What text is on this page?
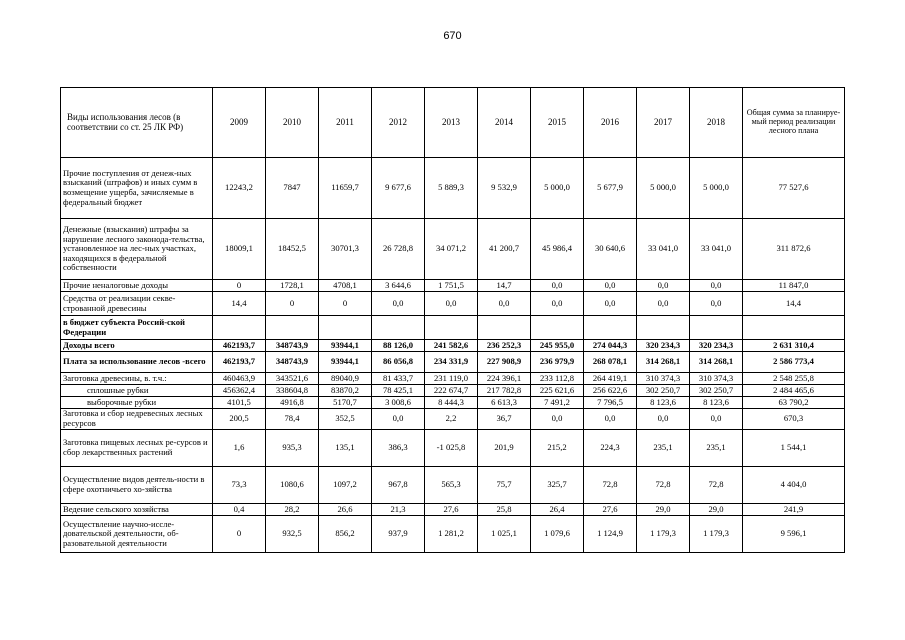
670
Виды использования лесов (в соответствии со ст. 25 ЛК РФ)	2009	2010	2011	2012	2013	2014	2015	2016	2017	2018	Общая сумма за планируе-мый период реализации лесного плана
Прочие поступления от денеж-ных взысканий (штрафов) и иных сумм в возмещение ущерба, зачисляемые в федеральный бюджет	12243,2	7847	11659,7	9 677,6	5 889,3	9 532,9	5 000,0	5 677,9	5 000,0	5 000,0	77 527,6
Денежные (взыскания) штрафы за нарушение лесного законода-тельства, установленное на лес-ных участках, находящихся в федеральной собственности	18009,1	18452,5	30701,3	26 728,8	34 071,2	41 200,7	45 986,4	30 640,6	33 041,0	33 041,0	311 872,6
Прочие неналоговые доходы	0	1728,1	4708,1	3 644,6	1 751,5	14,7	0,0	0,0	0,0	0,0	11 847,0
Средства от реализации секве-строванной древесины	14,4	0	0	0,0	0,0	0,0	0,0	0,0	0,0	0,0	14,4
в бюджет субъекта Россий-ской Федерации											
Доходы всего	462193,7	348743,9	93944,1	88 126,0	241 582,6	236 252,3	245 955,0	274 044,3	320 234,3	320 234,3	2 631 310,4
Плата за использование лесов -всего	462193,7	348743,9	93944,1	86 056,8	234 331,9	227 908,9	236 979,9	268 078,1	314 268,1	314 268,1	2 586 773,4
Заготовка древесины, в. т.ч.:	460463,9	343521,6	89040,9	81 433,7	231 119,0	224 396,1	233 112,8	264 419,1	310 374,3	310 374,3	2 548 255,8
сплошные рубки	456362,4	338604,8	83870,2	78 425,1	222 674,7	217 782,8	225 621,6	256 622,6	302 250,7	302 250,7	2 484 465,6
выборочные рубки	4101,5	4916,8	5170,7	3 008,6	8 444,3	6 613,3	7 491,2	7 796,5	8 123,6	8 123,6	63 790,2
Заготовка и сбор недревесных лесных ресурсов	200,5	78,4	352,5	0,0	2,2	36,7	0,0	0,0	0,0	0,0	670,3
Заготовка пищевых лесных ре-сурсов и сбор лекарственных растений	1,6	935,3	135,1	386,3	-1 025,8	201,9	215,2	224,3	235,1	235,1	1 544,1
Осуществление видов деятель-ности в сфере охотничьего хо-зяйства	73,3	1080,6	1097,2	967,8	565,3	75,7	325,7	72,8	72,8	72,8	4 404,0
Ведение сельского хозяйства	0,4	28,2	26,6	21,3	27,6	25,8	26,4	27,6	29,0	29,0	241,9
Осуществление научно-иссле-довательской деятельности, об-разовательной деятельности	0	932,5	856,2	937,9	1 281,2	1 025,1	1 079,6	1 124,9	1 179,3	1 179,3	9 596,1
